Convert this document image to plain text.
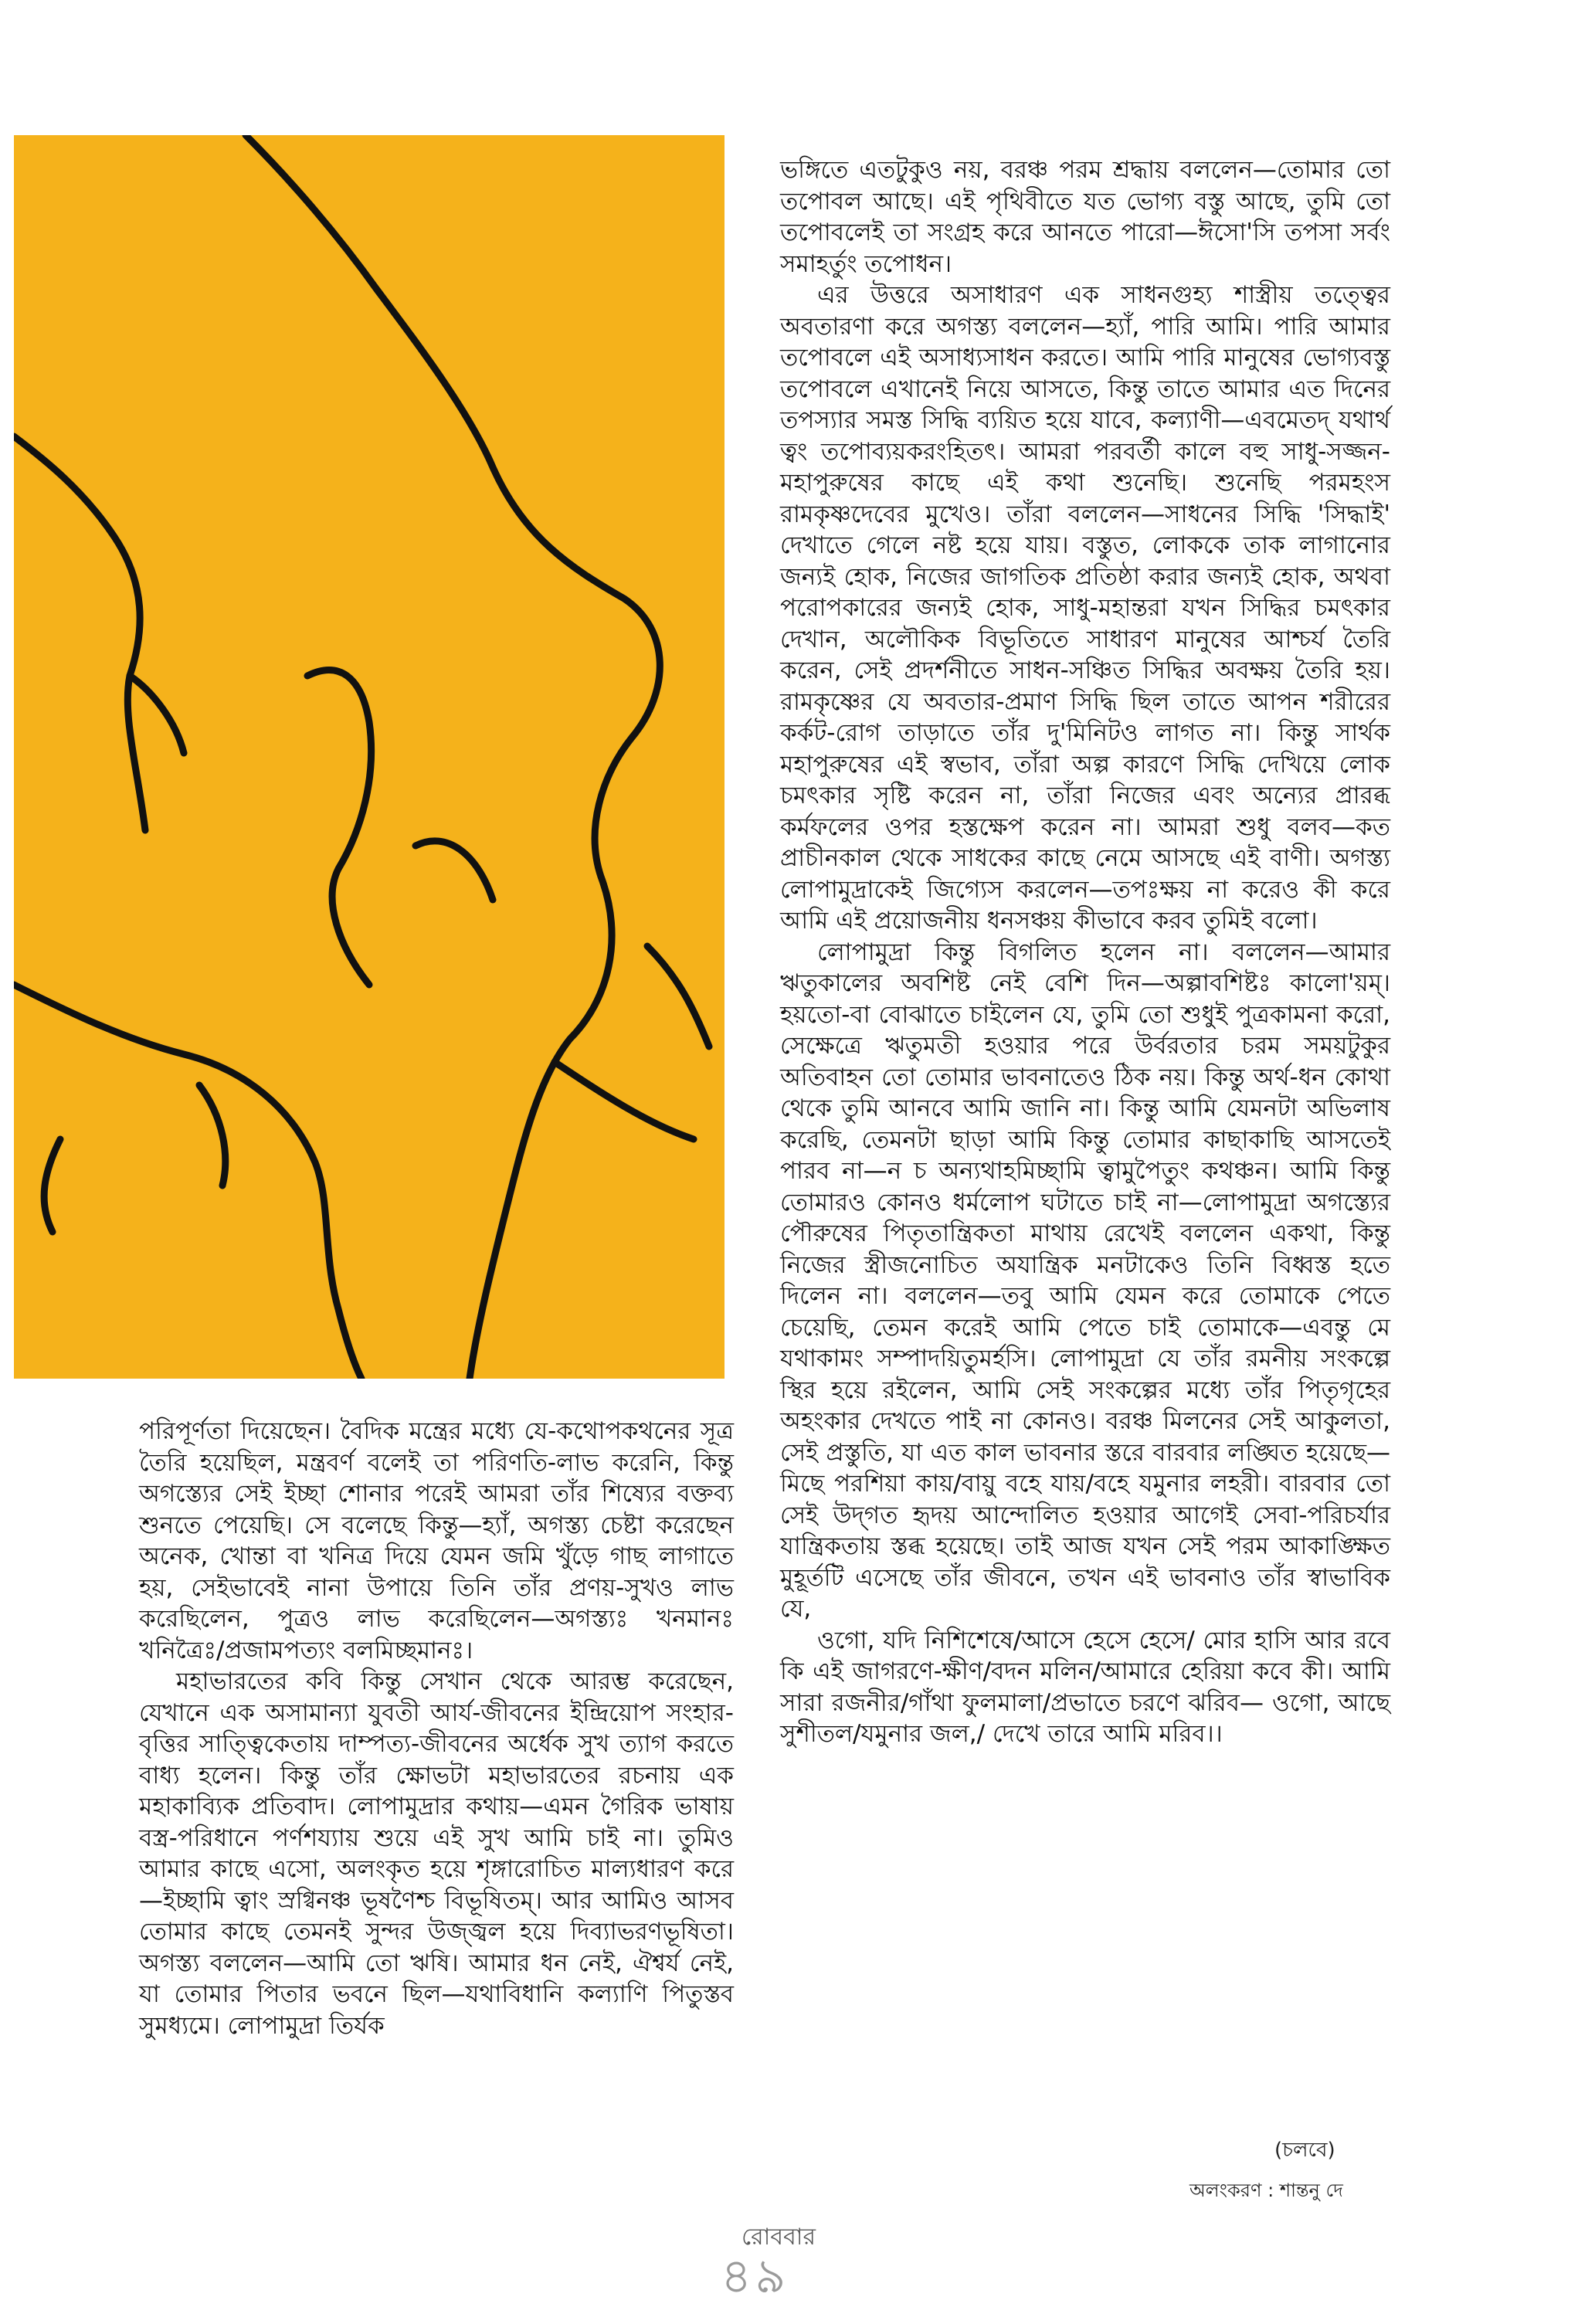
ভঙ্গিতে এতটুকুও নয়, বরঞ্চ পরম শ্রদ্ধায় বললেন—তোমার তো তপোবল আছে। এই পৃথিবীতে যত ভোগ্য বস্তু আছে, তুমি তো তপোবলেই তা সংগ্রহ করে আনতে পারো—ঈসো'সি তপসা সর্বং সমাহর্তুং তপোধন।

এর উত্তরে অসাধারণ এক সাধনগুহ্য শাস্ত্রীয় তত্ত্বের অবতারণা করে অগস্ত্য বললেন—হ্যাঁ, পারি আমি। পারি আমার তপোবলে এই অসাধ্যসাধন করতে। আমি পারি মানুষের ভোগ্যবস্তু তপোবলে এখানেই নিয়ে আসতে, কিন্তু তাতে আমার এত দিনের তপস্যার সমস্ত সিদ্ধি ব্যয়িত হয়ে যাবে, কল্যাণী—এবমেতদ্ যথার্থ ত্বং তপোব্যয়করংহিতৎ। আমরা পরবর্তী কালে বহু সাধু-সজ্জন-মহাপুরুষের কাছে এই কথা শুনেছি। শুনেছি পরমহংস রামকৃষ্ণদেবের মুখেও। তাঁরা বললেন—সাধনের সিদ্ধি 'সিদ্ধাই' দেখাতে গেলে নষ্ট হয়ে যায়। বস্তুত, লোককে তাক লাগানোর জন্যই হোক, নিজের জাগতিক প্রতিষ্ঠা করার জন্যই হোক, অথবা পরোপকারের জন্যই হোক, সাধু-মহান্তরা যখন সিদ্ধির চমৎকার দেখান, অলৌকিক বিভূতিতে সাধারণ মানুষের আশ্চর্য তৈরি করেন, সেই প্রদর্শনীতে সাধন-সঞ্চিত সিদ্ধির অবক্ষয় তৈরি হয়। রামকৃষ্ণের যে অবতার-প্রমাণ সিদ্ধি ছিল তাতে আপন শরীরের কর্কট-রোগ তাড়াতে তাঁর দু'মিনিটও লাগত না। কিন্তু সার্থক মহাপুরুষের এই স্বভাব, তাঁরা অল্প কারণে সিদ্ধি দেখিয়ে লোক চমৎকার সৃষ্টি করেন না, তাঁরা নিজের এবং অন্যের প্রারব্ধ কর্মফলের ওপর হস্তক্ষেপ করেন না। আমরা শুধু বলব—কত প্রাচীনকাল থেকে সাধকের কাছে নেমে আসছে এই বাণী। অগস্ত্য লোপামুদ্রাকেই জিগ্যেস করলেন—তপঃক্ষয় না করেও কী করে আমি এই প্রয়োজনীয় ধনসঞ্চয় কীভাবে করব তুমিই বলো।

লোপামুদ্রা কিন্তু বিগলিত হলেন না। বললেন—আমার ঋতুকালের অবশিষ্ট নেই বেশি দিন—অল্পাবশিষ্টঃ কালো'য়ম্। হয়তো-বা বোঝাতে চাইলেন যে, তুমি তো শুধুই পুত্রকামনা করো, সেক্ষেত্রে ঋতুমতী হওয়ার পরে উর্বরতার চরম সময়টুকুর অতিবাহন তো তোমার ভাবনাতেও ঠিক নয়। কিন্তু অর্থ-ধন কোথা থেকে তুমি আনবে আমি জানি না। কিন্তু আমি যেমনটা অভিলাষ করেছি, তেমনটা ছাড়া আমি কিন্তু তোমার কাছাকাছি আসতেই পারব না—ন চ অন্যথাহমিচ্ছামি ত্বামুপৈতুং কথঞ্চন। আমি কিন্তু তোমারও কোনও ধর্মলোপ ঘটাতে চাই না—লোপামুদ্রা অগস্ত্যের পৌরুষের পিতৃতান্ত্রিকতা মাথায় রেখেই বললেন একথা, কিন্তু নিজের স্ত্রীজনোচিত অযান্ত্রিক মনটাকেও তিনি বিধ্বস্ত হতে দিলেন না। বললেন—তবু আমি যেমন করে তোমাকে পেতে চেয়েছি, তেমন করেই আমি পেতে চাই তোমাকে—এবন্তু মে যথাকামং সম্পাদয়িতুমর্হসি। লোপামুদ্রা যে তাঁর রমনীয় সংকল্পে স্থির হয়ে রইলেন, আমি সেই সংকল্পের মধ্যে তাঁর পিতৃগৃহের অহংকার দেখতে পাই না কোনও। বরঞ্চ মিলনের সেই আকুলতা, সেই প্রস্তুতি, যা এত কাল ভাবনার স্তরে বারবার লঙ্ঘিত হয়েছে—মিছে পরশিয়া কায়/বায়ু বহে যায়/বহে যমুনার লহরী। বারবার তো সেই উদ্‌গত হৃদয় আন্দোলিত হওয়ার আগেই সেবা-পরিচর্যার যান্ত্রিকতায় স্তব্ধ হয়েছে। তাই আজ যখন সেই পরম আকাঙ্ক্ষিত মুহূর্তটি এসেছে তাঁর জীবনে, তখন এই ভাবনাও তাঁর স্বাভাবিক যে,

ওগো, যদি নিশিশেষে/আসে হেসে হেসে/ মোর হাসি আর রবে কি এই জাগরণে-ক্ষীণ/বদন মলিন/আমারে হেরিয়া কবে কী। আমি সারা রজনীর/গাঁথা ফুলমালা/প্রভাতে চরণে ঝরিব— ওগো, আছে সুশীতল/যমুনার জল,/ দেখে তারে আমি মরিব।।

পরিপূর্ণতা দিয়েছেন। বৈদিক মন্ত্রের মধ্যে যে-কথোপকথনের সূত্র তৈরি হয়েছিল, মন্ত্রবর্ণ বলেই তা পরিণতি-লাভ করেনি, কিন্তু অগস্ত্যের সেই ইচ্ছা শোনার পরেই আমরা তাঁর শিষ্যের বক্তব্য শুনতে পেয়েছি। সে বলেছে কিন্তু—হ্যাঁ, অগস্ত্য চেষ্টা করেছেন অনেক, খোন্তা বা খনিত্র দিয়ে যেমন জমি খুঁড়ে গাছ লাগাতে হয়, সেইভাবেই নানা উপায়ে তিনি তাঁর প্রণয়-সুখও লাভ করেছিলেন, পুত্রও লাভ করেছিলেন—অগস্ত্যঃ খনমানঃ খনিত্রৈঃ/প্রজামপত্যং বলমিচ্ছমানঃ।

মহাভারতের কবি কিন্তু সেখান থেকে আরম্ভ করেছেন, যেখানে এক অসামান্যা যুবতী আর্য-জীবনের ইন্দ্রিয়োপ সংহার-বৃত্তির সাত্ত্বিকেতায় দাম্পত্য-জীবনের অর্ধেক সুখ ত্যাগ করতে বাধ্য হলেন। কিন্তু তাঁর ক্ষোভটা মহাভারতের রচনায় এক মহাকাব্যিক প্রতিবাদ। লোপামুদ্রার কথায়—এমন গৈরিক ভাষায় বস্ত্র-পরিধানে পর্ণশয্যায় শুয়ে এই সুখ আমি চাই না। তুমিও আমার কাছে এসো, অলংকৃত হয়ে শৃঙ্গারোচিত মাল্যধারণ করে—ইচ্ছামি ত্বাং স্রগ্বিনঞ্চ ভূষণৈশ্চ বিভূষিতম্। আর আমিও আসব তোমার কাছে তেমনই সুন্দর উজ্জ্বল হয়ে দিব্যাভরণভূষিতা। অগস্ত্য বললেন—আমি তো ঋষি। আমার ধন নেই, ঐশ্বর্য নেই, যা তোমার পিতার ভবনে ছিল—যথাবিধানি কল্যাণি পিতুস্তব সুমধ্যমে। লোপামুদ্রা তির্যক

(চলবে)
অলংকরণ : শান্তনু দে
রোববার
৪৯
